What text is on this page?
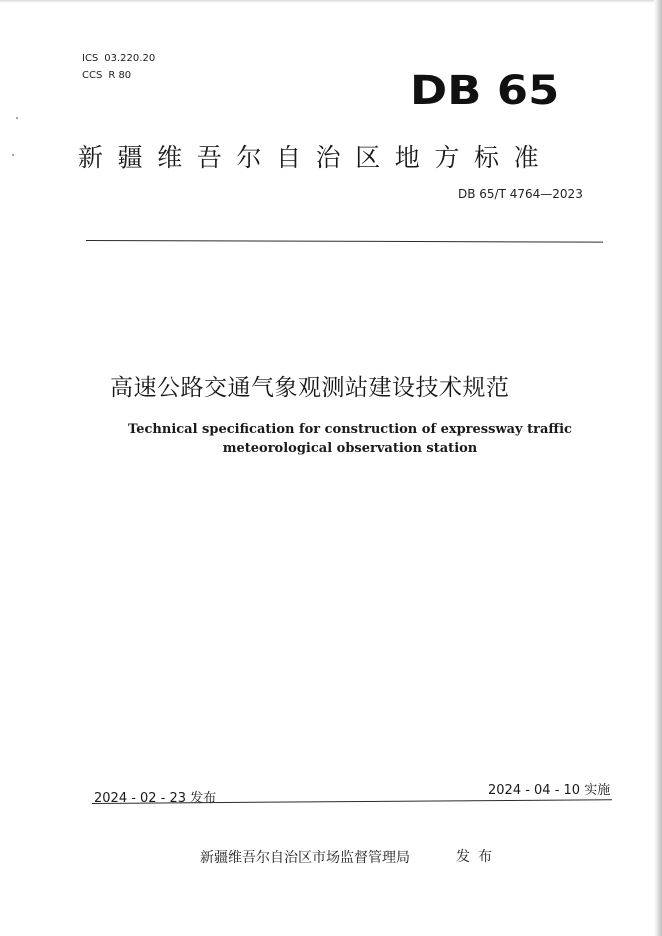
ICS 03.220.20
CCS R 80	DB 65
新疆维吾尔自治区地方标准
DB 65/T 4764—2023
高速公路交通气象观测站建设技术规范
Technical specification for construction of expressway traffic meteorological observation station
2024 - 02 - 23 发布
2024 - 04 - 10 实施
新疆维吾尔自治区市场监督管理局	发布
